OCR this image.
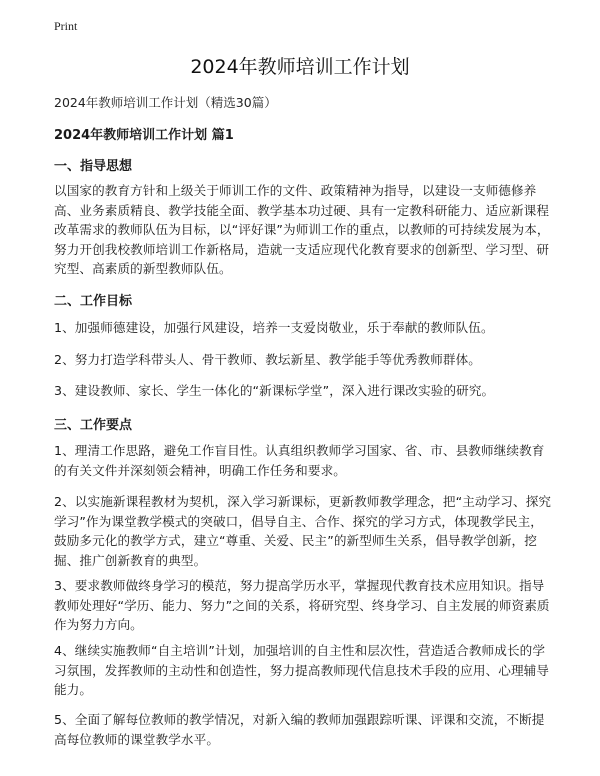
Print
2024年教师培训工作计划
2024年教师培训工作计划（精选30篇）
2024年教师培训工作计划 篇1
一、指导思想

以国家的教育方针和上级关于师训工作的文件、政策精神为指导，以建设一支师德修养高、业务素质精良、教学技能全面、教学基本功过硬、具有一定教科研能力、适应新课程改革需求的教师队伍为目标，以“评好课”为师训工作的重点，以教师的可持续发展为本，努力开创我校教师培训工作新格局，造就一支适应现代化教育要求的创新型、学习型、研究型、高素质的新型教师队伍。

二、工作目标

1、加强师德建设，加强行风建设，培养一支爱岗敬业，乐于奉献的教师队伍。

2、努力打造学科带头人、骨干教师、教坛新星、教学能手等优秀教师群体。

3、建设教师、家长、学生一体化的“新课标学堂”，深入进行课改实验的研究。

三、工作要点

1、理清工作思路，避免工作盲目性。认真组织教师学习国家、省、市、县教师继续教育的有关文件并深刻领会精神，明确工作任务和要求。

2、以实施新课程教材为契机，深入学习新课标，更新教师教学理念，把“主动学习、探究学习”作为课堂教学模式的突破口，倡导自主、合作、探究的学习方式，体现教学民主，鼓励多元化的教学方式，建立“尊重、关爱、民主”的新型师生关系，倡导教学创新，挖掘、推广创新教育的典型。

3、要求教师做终身学习的模范，努力提高学历水平，掌握现代教育技术应用知识。指导教师处理好“学历、能力、努力”之间的关系，将研究型、终身学习、自主发展的师资素质作为努力方向。

4、继续实施教师“自主培训”计划，加强培训的自主性和层次性，营造适合教师成长的学习氛围，发挥教师的主动性和创造性，努力提高教师现代信息技术手段的应用、心理辅导能力。

5、全面了解每位教师的教学情况，对新入编的教师加强跟踪听课、评课和交流，不断提高每位教师的课堂教学水平。
